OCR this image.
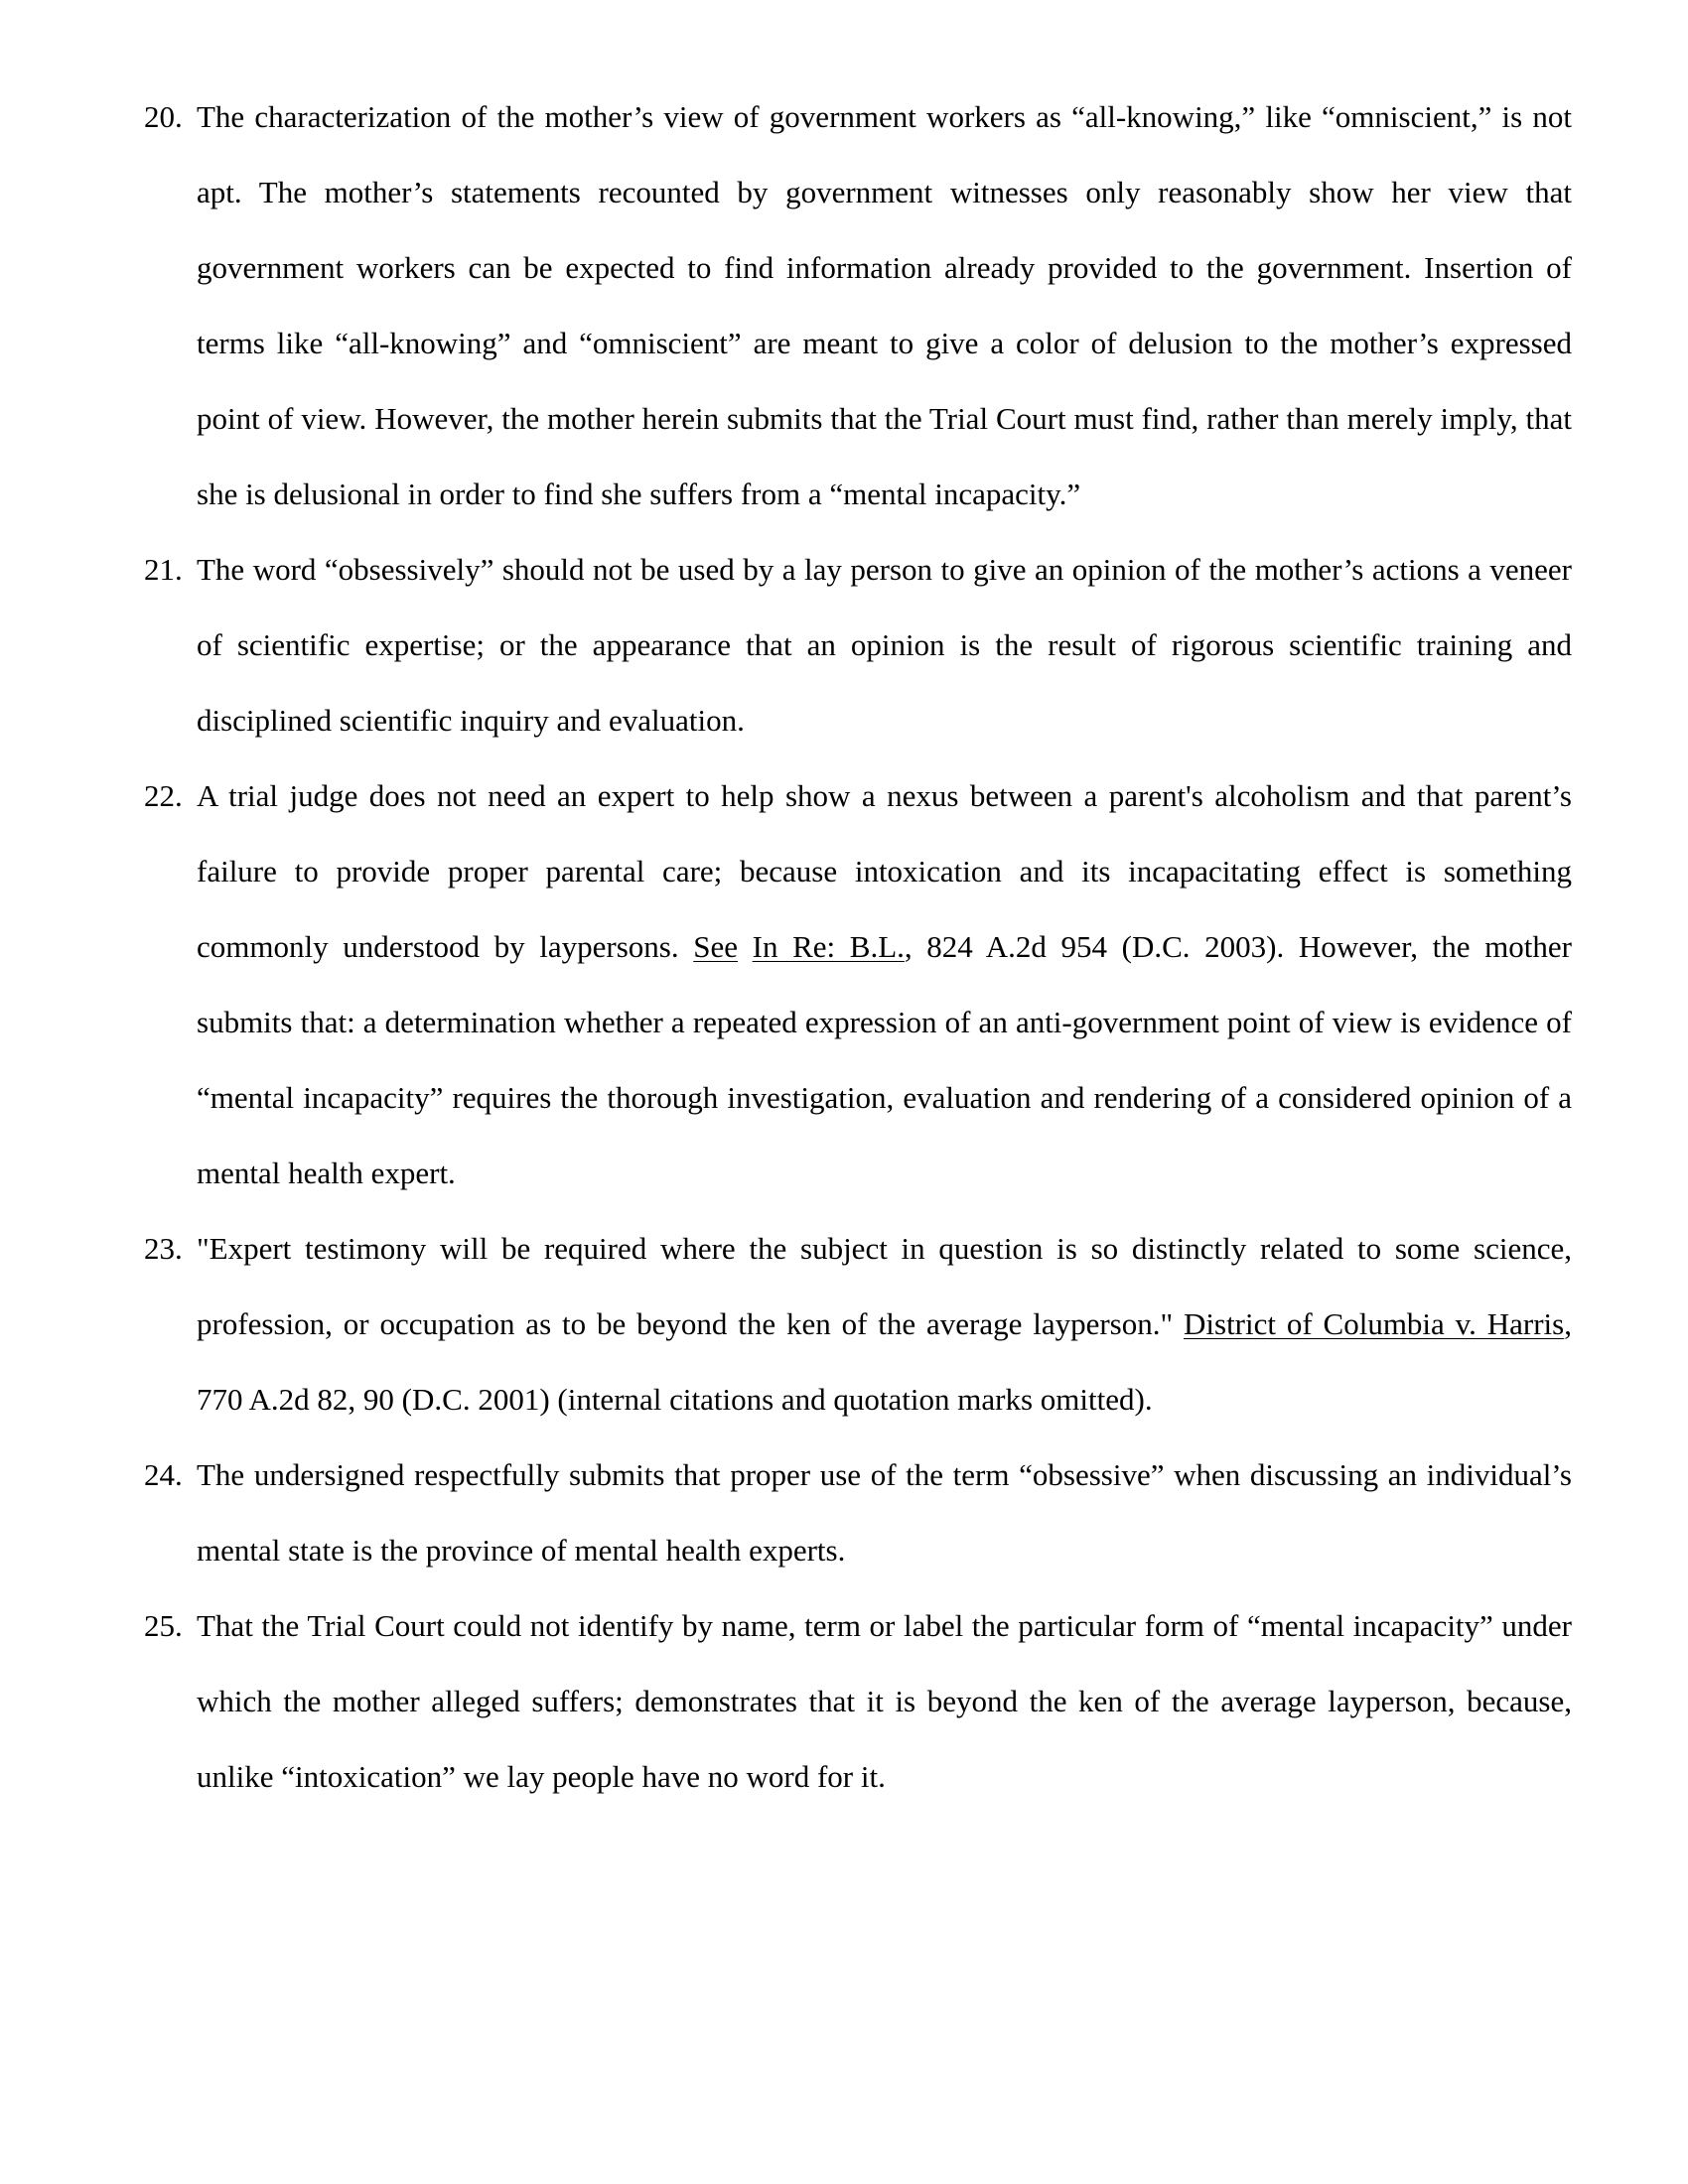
20. The characterization of the mother’s view of government workers as “all-knowing,” like “omniscient,” is not apt. The mother’s statements recounted by government witnesses only reasonably show her view that government workers can be expected to find information already provided to the government. Insertion of terms like “all-knowing” and “omniscient” are meant to give a color of delusion to the mother’s expressed point of view. However, the mother herein submits that the Trial Court must find, rather than merely imply, that she is delusional in order to find she suffers from a “mental incapacity.”
21. The word “obsessively” should not be used by a lay person to give an opinion of the mother’s actions a veneer of scientific expertise; or the appearance that an opinion is the result of rigorous scientific training and disciplined scientific inquiry and evaluation.
22. A trial judge does not need an expert to help show a nexus between a parent's alcoholism and that parent’s failure to provide proper parental care; because intoxication and its incapacitating effect is something commonly understood by laypersons. See In Re: B.L., 824 A.2d 954 (D.C. 2003). However, the mother submits that: a determination whether a repeated expression of an anti-government point of view is evidence of “mental incapacity” requires the thorough investigation, evaluation and rendering of a considered opinion of a mental health expert.
23. "Expert testimony will be required where the subject in question is so distinctly related to some science, profession, or occupation as to be beyond the ken of the average layperson." District of Columbia v. Harris, 770 A.2d 82, 90 (D.C. 2001) (internal citations and quotation marks omitted).
24. The undersigned respectfully submits that proper use of the term “obsessive” when discussing an individual’s mental state is the province of mental health experts.
25. That the Trial Court could not identify by name, term or label the particular form of “mental incapacity” under which the mother alleged suffers; demonstrates that it is beyond the ken of the average layperson, because, unlike “intoxication” we lay people have no word for it.
